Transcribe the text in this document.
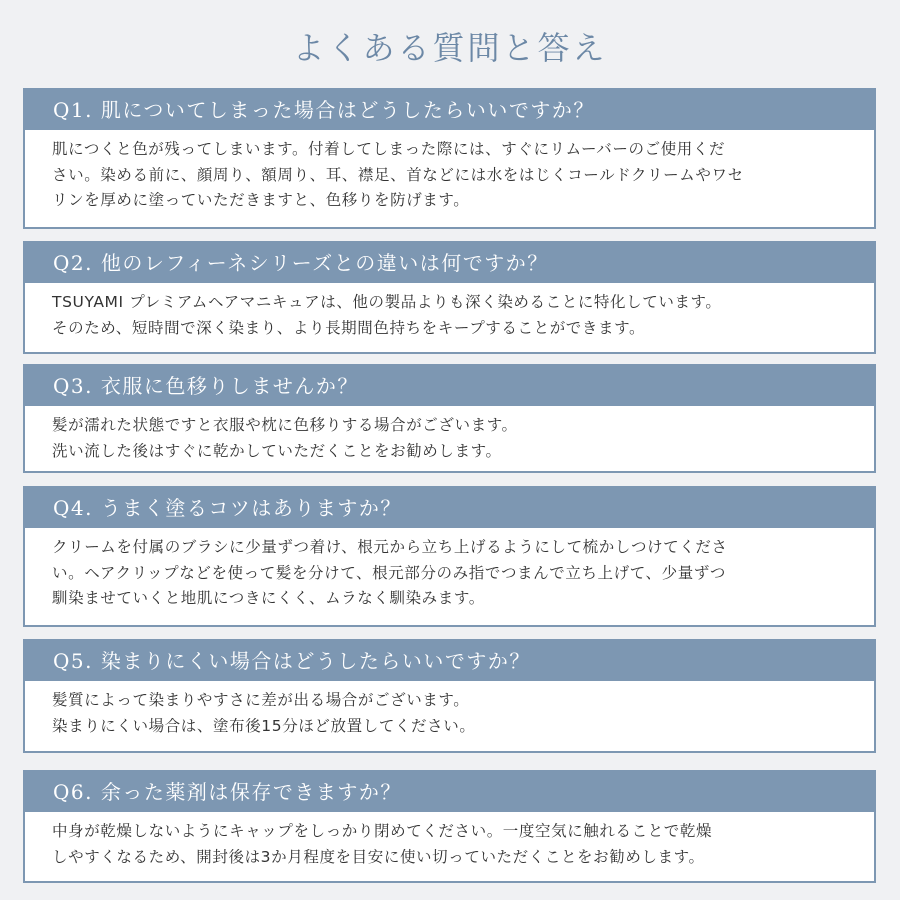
よくある質問と答え
Q1. 肌についてしまった場合はどうしたらいいですか？
肌につくと色が残ってしまいます。付着してしまった際には、すぐにリムーバーのご使用くだ
さい。染める前に、顔周り、額周り、耳、襟足、首などには水をはじくコールドクリームやワセ
リンを厚めに塗っていただきますと、色移りを防げます。
Q2. 他のレフィーネシリーズとの違いは何ですか？
TSUYAMI プレミアムヘアマニキュアは、他の製品よりも深く染めることに特化しています。
そのため、短時間で深く染まり、より長期間色持ちをキープすることができます。
Q3. 衣服に色移りしませんか？
髪が濡れた状態ですと衣服や枕に色移りする場合がございます。
洗い流した後はすぐに乾かしていただくことをお勧めします。
Q4. うまく塗るコツはありますか？
クリームを付属のブラシに少量ずつ着け、根元から立ち上げるようにして梳かしつけてくださ
い。ヘアクリップなどを使って髪を分けて、根元部分のみ指でつまんで立ち上げて、少量ずつ
馴染ませていくと地肌につきにくく、ムラなく馴染みます。
Q5. 染まりにくい場合はどうしたらいいですか？
髪質によって染まりやすさに差が出る場合がございます。
染まりにくい場合は、塗布後15分ほど放置してください。
Q6. 余った薬剤は保存できますか？
中身が乾燥しないようにキャップをしっかり閉めてください。一度空気に触れることで乾燥
しやすくなるため、開封後は3か月程度を目安に使い切っていただくことをお勧めします。
